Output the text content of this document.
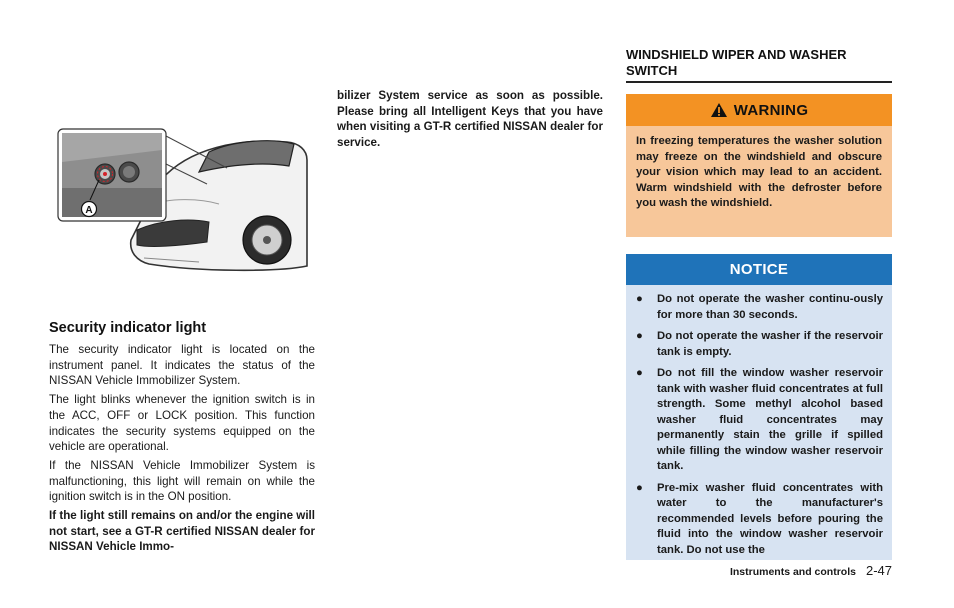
A
Security indicator light

The security indicator light is located on the instrument panel. It indicates the status of the NISSAN Vehicle Immobilizer System.

The light blinks whenever the ignition switch is in the ACC, OFF or LOCK position. This function indicates the security systems equipped on the vehicle are operational.

If the NISSAN Vehicle Immobilizer System is malfunctioning, this light will remain on while the ignition switch is in the ON position.

If the light still remains on and/or the engine will not start, see a GT-R certified NISSAN dealer for NISSAN Vehicle Immo-

bilizer System service as soon as possible. Please bring all Intelligent Keys that you have when visiting a GT-R certified NISSAN dealer for service.

WINDSHIELD WIPER AND WASHER SWITCH
WARNING

In freezing temperatures the washer solution may freeze on the windshield and obscure your vision which may lead to an accident. Warm windshield with the defroster before you wash the windshield.

NOTICE
● Do not operate the washer continu-ously for more than 30 seconds.
● Do not operate the washer if the reservoir tank is empty.
● Do not fill the window washer reservoir tank with washer fluid concentrates at full strength. Some methyl alcohol based washer fluid concentrates may permanently stain the grille if spilled while filling the window washer reservoir tank.
● Pre-mix washer fluid concentrates with water to the manufacturer's recommended levels before pouring the fluid into the window washer reservoir tank. Do not use the
Instruments and controls 2-47
